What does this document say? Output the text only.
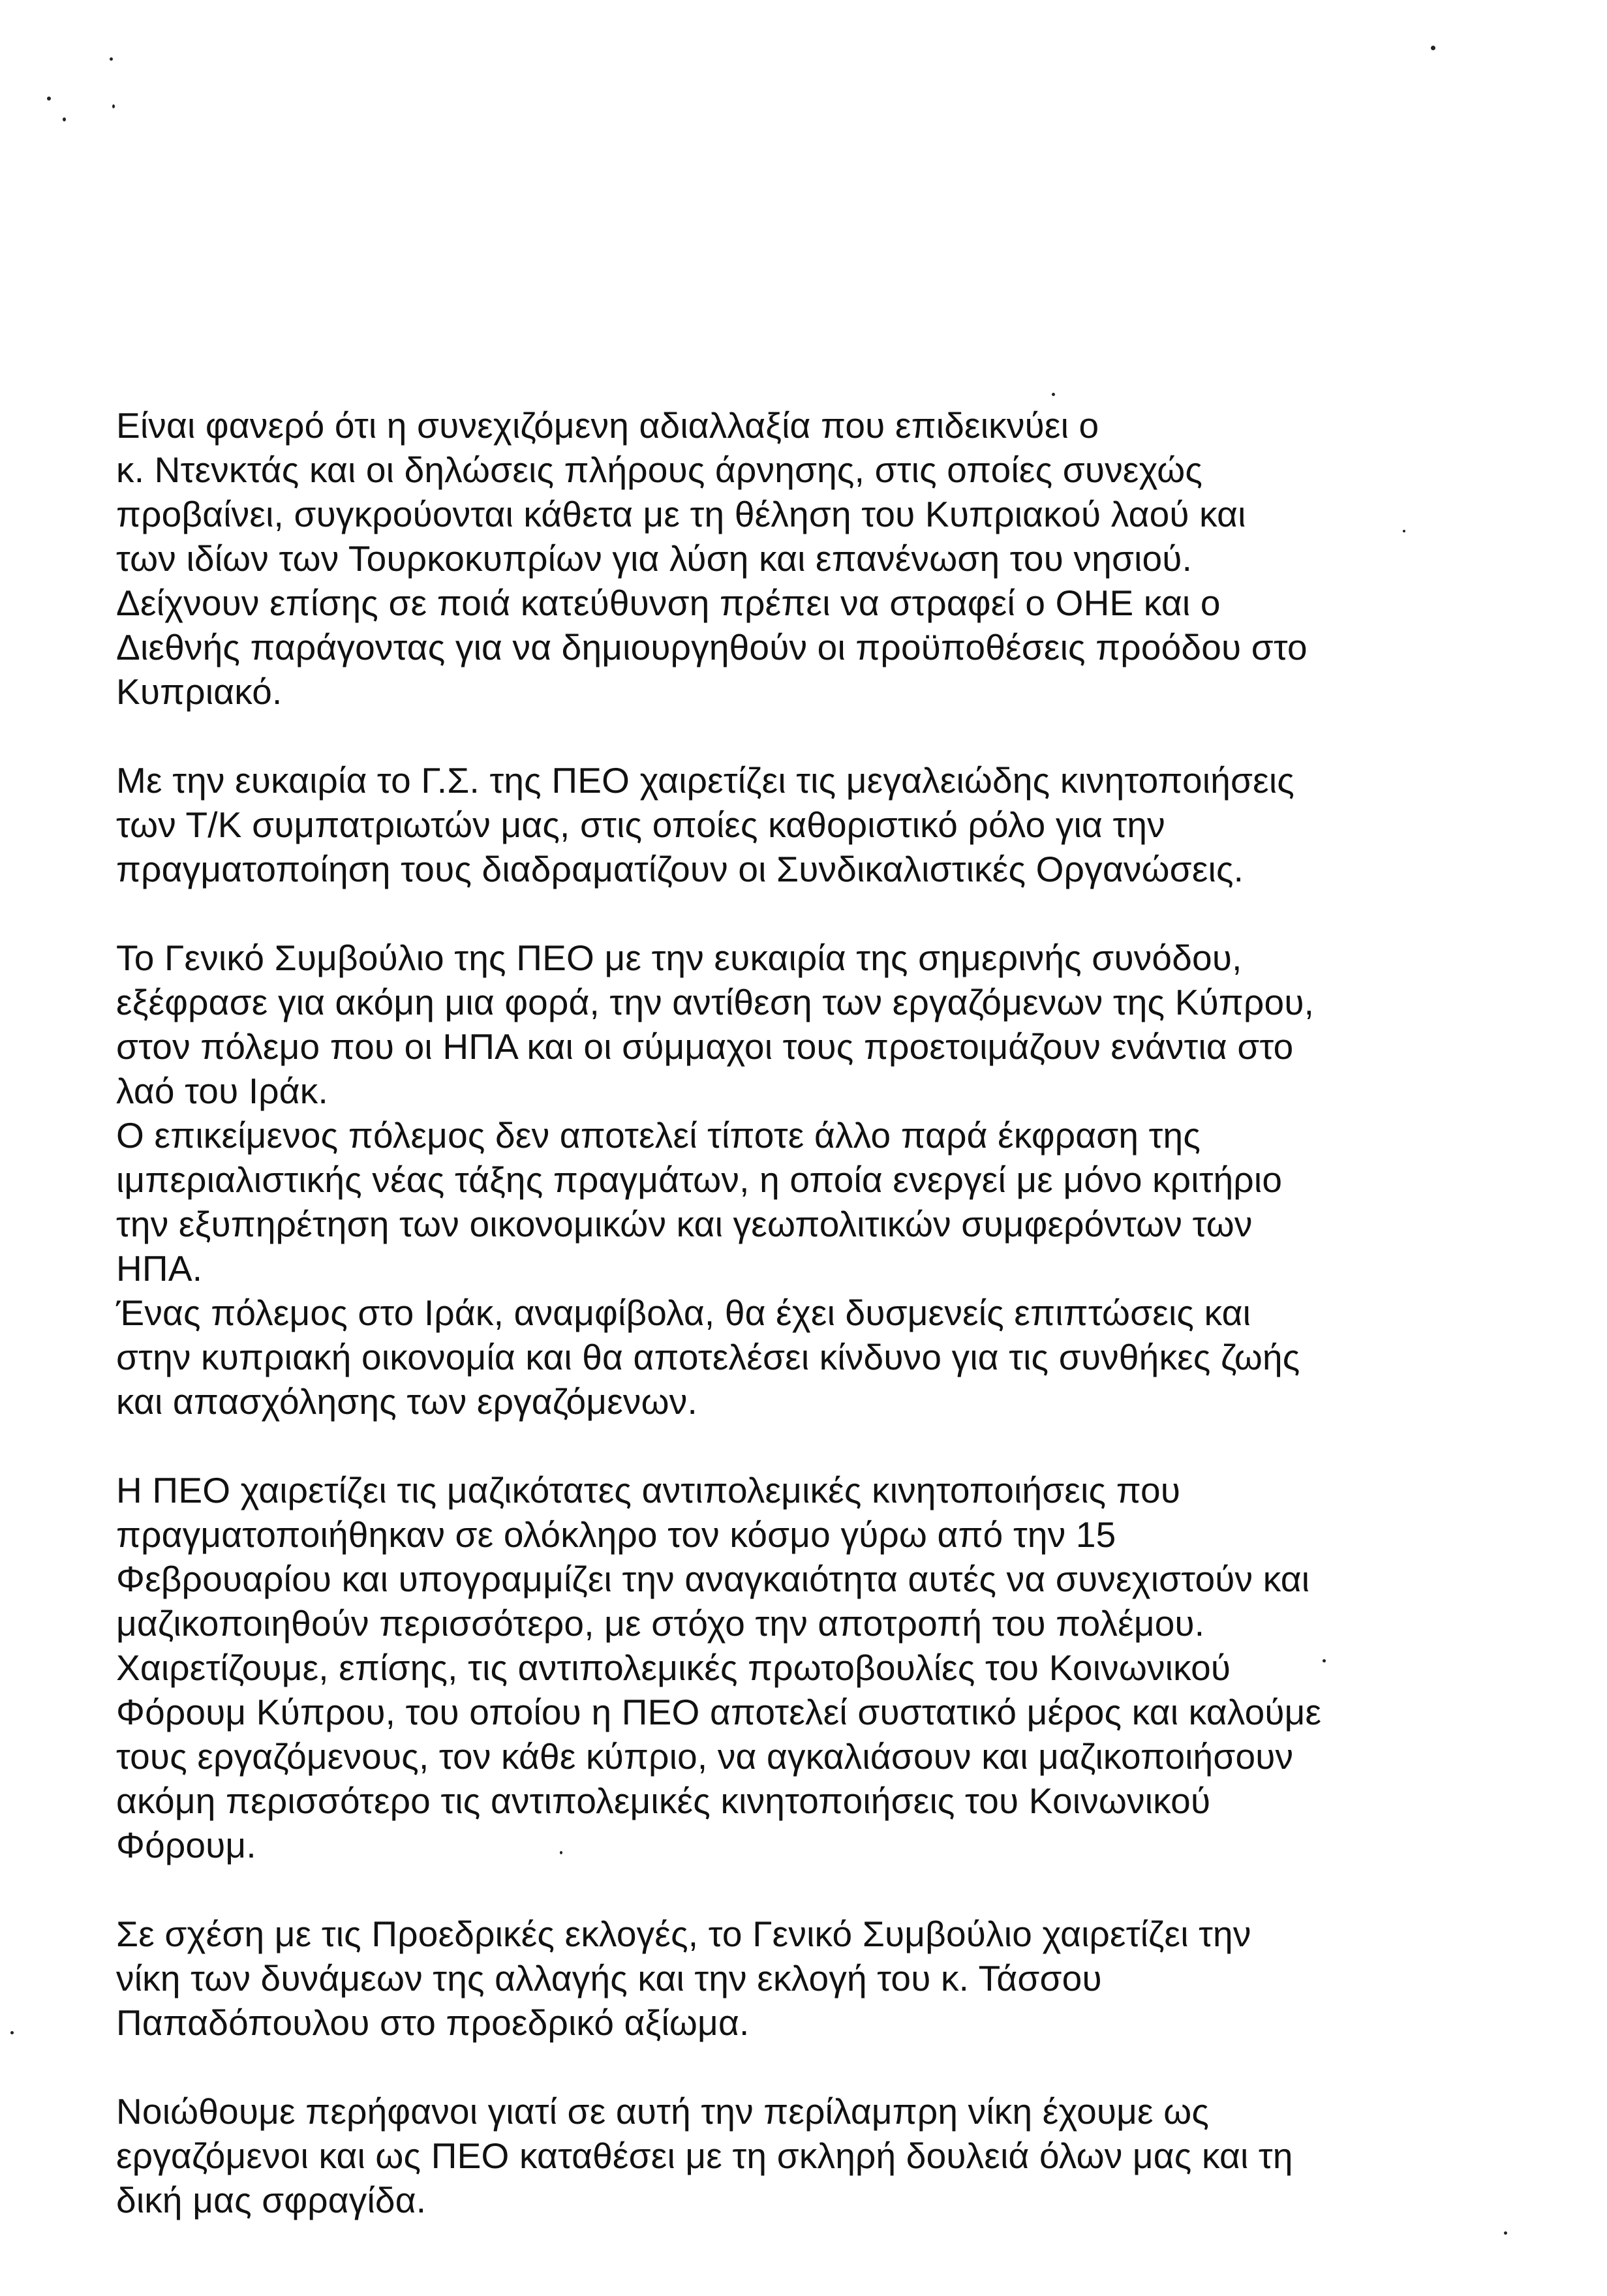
Είναι φανερό ότι η συνεχιζόμενη αδιαλλαξία που επιδεικνύει ο
κ. Ντενκτάς και οι δηλώσεις πλήρους άρνησης, στις οποίες συνεχώς
προβαίνει, συγκρούονται κάθετα με τη θέληση του Κυπριακού λαού και
των ιδίων των Τουρκοκυπρίων για λύση και επανένωση του νησιού.
Δείχνουν επίσης σε ποιά κατεύθυνση πρέπει να στραφεί ο ΟΗΕ και ο
Διεθνής παράγοντας για να δημιουργηθούν οι προϋποθέσεις προόδου στο
Κυπριακό.
Με την ευκαιρία το Γ.Σ. της ΠΕΟ χαιρετίζει τις μεγαλειώδης κινητοποιήσεις
των Τ/Κ συμπατριωτών μας, στις οποίες καθοριστικό ρόλο για την
πραγματοποίηση τους διαδραματίζουν οι Συνδικαλιστικές Οργανώσεις.
Το Γενικό Συμβούλιο της ΠΕΟ με την ευκαιρία της σημερινής συνόδου,
εξέφρασε για ακόμη μια φορά, την αντίθεση των εργαζόμενων της Κύπρου,
στον πόλεμο που οι ΗΠΑ και οι σύμμαχοι τους προετοιμάζουν ενάντια στο
λαό του Ιράκ.
Ο επικείμενος πόλεμος δεν αποτελεί τίποτε άλλο παρά έκφραση της
ιμπεριαλιστικής νέας τάξης πραγμάτων, η οποία ενεργεί με μόνο κριτήριο
την εξυπηρέτηση των οικονομικών και γεωπολιτικών συμφερόντων των
ΗΠΑ.
Ένας πόλεμος στο Ιράκ, αναμφίβολα, θα έχει δυσμενείς επιπτώσεις και
στην κυπριακή οικονομία και θα αποτελέσει κίνδυνο για τις συνθήκες ζωής
και απασχόλησης των εργαζόμενων.
Η ΠΕΟ χαιρετίζει τις μαζικότατες αντιπολεμικές κινητοποιήσεις που
πραγματοποιήθηκαν σε ολόκληρο τον κόσμο γύρω από την 15
Φεβρουαρίου και υπογραμμίζει την αναγκαιότητα αυτές να συνεχιστούν και
μαζικοποιηθούν περισσότερο, με στόχο την αποτροπή του πολέμου.
Χαιρετίζουμε, επίσης, τις αντιπολεμικές πρωτοβουλίες του Κοινωνικού
Φόρουμ Κύπρου, του οποίου η ΠΕΟ αποτελεί συστατικό μέρος και καλούμε
τους εργαζόμενους, τον κάθε κύπριο, να αγκαλιάσουν και μαζικοποιήσουν
ακόμη περισσότερο τις αντιπολεμικές κινητοποιήσεις του Κοινωνικού
Φόρουμ.
Σε σχέση με τις Προεδρικές εκλογές, το Γενικό Συμβούλιο χαιρετίζει την
νίκη των δυνάμεων της αλλαγής και την εκλογή του κ. Τάσσου
Παπαδόπουλου στο προεδρικό αξίωμα.
Νοιώθουμε περήφανοι γιατί σε αυτή την περίλαμπρη νίκη έχουμε ως
εργαζόμενοι και ως ΠΕΟ καταθέσει με τη σκληρή δουλειά όλων μας και τη
δική μας σφραγίδα.
